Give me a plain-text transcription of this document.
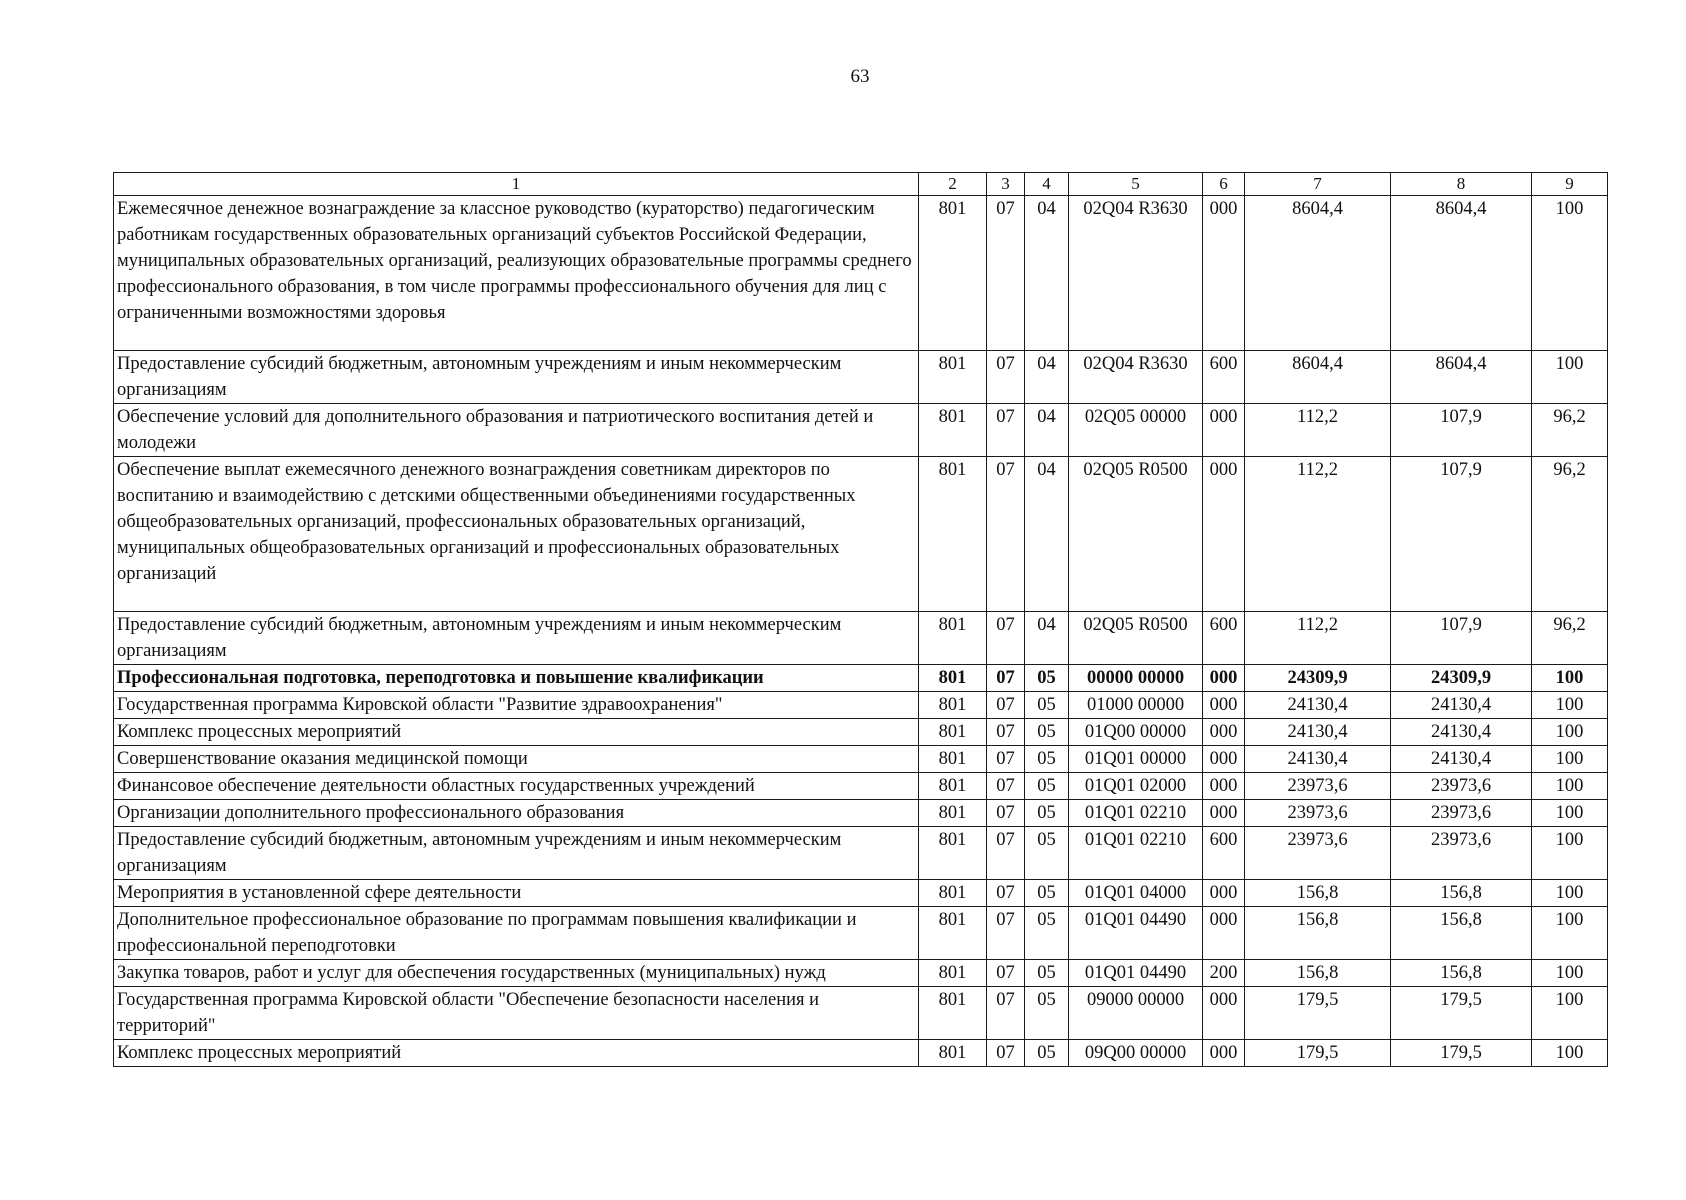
63
1	2	3	4	5	6	7	8	9
Ежемесячное денежное вознаграждение за классное руководство (кураторство) педагогическим работникам государственных образовательных организаций субъектов Российской Федерации, муниципальных образовательных организаций, реализующих образовательные программы среднего профессионального образования, в том числе программы профессионального обучения для лиц с ограниченными возможностями здоровья	801	07	04	02Q04 R3630	000	8604,4	8604,4	100
Предоставление субсидий бюджетным, автономным учреждениям и иным некоммерческим организациям	801	07	04	02Q04 R3630	600	8604,4	8604,4	100
Обеспечение условий для дополнительного образования и патриотического воспитания детей и молодежи	801	07	04	02Q05 00000	000	112,2	107,9	96,2
Обеспечение выплат ежемесячного денежного вознаграждения советникам директоров по воспитанию и взаимодействию с детскими общественными объединениями государственных общеобразовательных организаций, профессиональных образовательных организаций, муниципальных общеобразовательных организаций и профессиональных образовательных организаций	801	07	04	02Q05 R0500	000	112,2	107,9	96,2
Предоставление субсидий бюджетным, автономным учреждениям и иным некоммерческим организациям	801	07	04	02Q05 R0500	600	112,2	107,9	96,2
Профессиональная подготовка, переподготовка и повышение квалификации	801	07	05	00000 00000	000	24309,9	24309,9	100
Государственная программа Кировской области "Развитие здравоохранения"	801	07	05	01000 00000	000	24130,4	24130,4	100
Комплекс процессных мероприятий	801	07	05	01Q00 00000	000	24130,4	24130,4	100
Совершенствование оказания медицинской помощи	801	07	05	01Q01 00000	000	24130,4	24130,4	100
Финансовое обеспечение деятельности областных государственных учреждений	801	07	05	01Q01 02000	000	23973,6	23973,6	100
Организации дополнительного профессионального образования	801	07	05	01Q01 02210	000	23973,6	23973,6	100
Предоставление субсидий бюджетным, автономным учреждениям и иным некоммерческим организациям	801	07	05	01Q01 02210	600	23973,6	23973,6	100
Мероприятия в установленной сфере деятельности	801	07	05	01Q01 04000	000	156,8	156,8	100
Дополнительное профессиональное образование по программам повышения квалификации и профессиональной переподготовки	801	07	05	01Q01 04490	000	156,8	156,8	100
Закупка товаров, работ и услуг для обеспечения государственных (муниципальных) нужд	801	07	05	01Q01 04490	200	156,8	156,8	100
Государственная программа Кировской области "Обеспечение безопасности населения и территорий"	801	07	05	09000 00000	000	179,5	179,5	100
Комплекс процессных мероприятий	801	07	05	09Q00 00000	000	179,5	179,5	100
